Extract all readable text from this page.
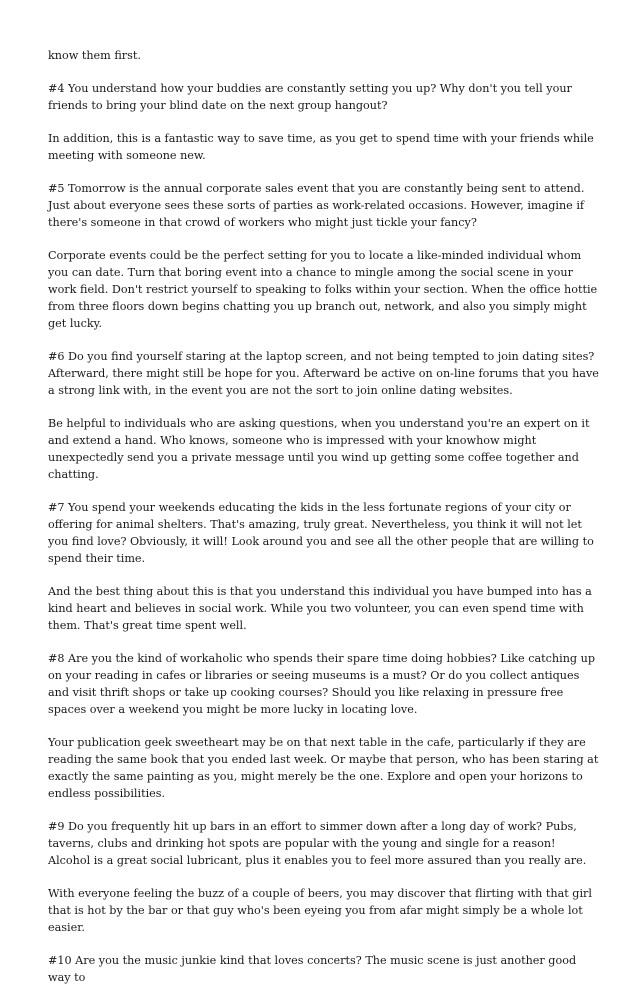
know them first.

#4 You understand how your buddies are constantly setting you up? Why don't you tell your friends to bring your blind date on the next group hangout?

In addition, this is a fantastic way to save time, as you get to spend time with your friends while meeting with someone new.

#5 Tomorrow is the annual corporate sales event that you are constantly being sent to attend. Just about everyone sees these sorts of parties as work-related occasions. However, imagine if there's someone in that crowd of workers who might just tickle your fancy?

Corporate events could be the perfect setting for you to locate a like-minded individual whom you can date. Turn that boring event into a chance to mingle among the social scene in your work field. Don't restrict yourself to speaking to folks within your section. When the office hottie from three floors down begins chatting you up branch out, network, and also you simply might get lucky.

#6 Do you find yourself staring at the laptop screen, and not being tempted to join dating sites? Afterward, there might still be hope for you. Afterward be active on on-line forums that you have a strong link with, in the event you are not the sort to join online dating websites.

Be helpful to individuals who are asking questions, when you understand you're an expert on it and extend a hand. Who knows, someone who is impressed with your knowhow might unexpectedly send you a private message until you wind up getting some coffee together and chatting.

#7 You spend your weekends educating the kids in the less fortunate regions of your city or offering for animal shelters. That's amazing, truly great. Nevertheless, you think it will not let you find love? Obviously, it will! Look around you and see all the other people that are willing to spend their time.

And the best thing about this is that you understand this individual you have bumped into has a kind heart and believes in social work. While you two volunteer, you can even spend time with them. That's great time spent well.

#8 Are you the kind of workaholic who spends their spare time doing hobbies? Like catching up on your reading in cafes or libraries or seeing museums is a must? Or do you collect antiques and visit thrift shops or take up cooking courses? Should you like relaxing in pressure free spaces over a weekend you might be more lucky in locating love.

Your publication geek sweetheart may be on that next table in the cafe, particularly if they are reading the same book that you ended last week. Or maybe that person, who has been staring at exactly the same painting as you, might merely be the one. Explore and open your horizons to endless possibilities.

#9 Do you frequently hit up bars in an effort to simmer down after a long day of work? Pubs, taverns, clubs and drinking hot spots are popular with the young and single for a reason! Alcohol is a great social lubricant, plus it enables you to feel more assured than you really are.

With everyone feeling the buzz of a couple of beers, you may discover that flirting with that girl that is hot by the bar or that guy who's been eyeing you from afar might simply be a whole lot easier.

#10 Are you the music junkie kind that loves concerts? The music scene is just another good way to
